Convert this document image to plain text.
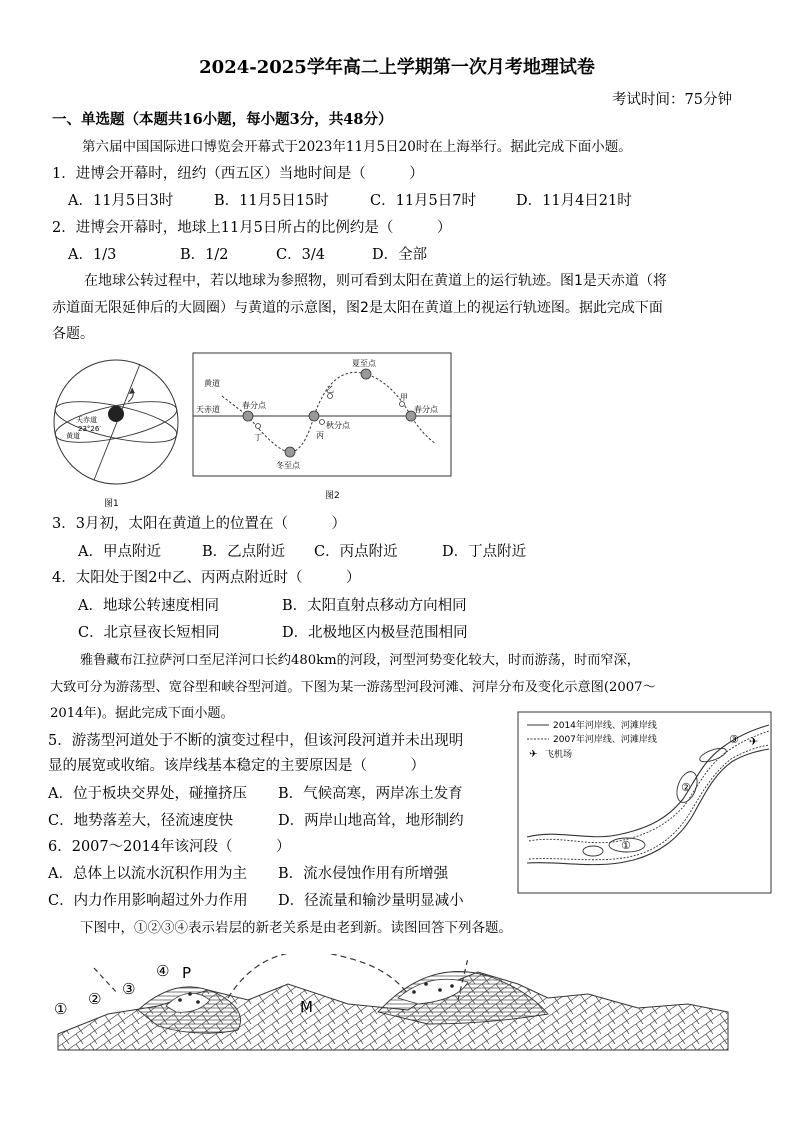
2024-2025学年高二上学期第一次月考地理试卷
考试时间：75分钟
一、单选题（本题共16小题，每小题3分，共48分）
第六届中国国际进口博览会开幕式于2023年11月5日20时在上海举行。据此完成下面小题。
1．进博会开幕时，纽约（西五区）当地时间是（　　　）
A．11月5日3时	B．11月5日15时	C．11月5日7时	D．11月4日21时
2．进博会开幕时，地球上11月5日所占的比例约是（　　　）
A．1/3	B．1/2	C．3/4	D．全部
在地球公转过程中，若以地球为参照物，则可看到太阳在黄道上的运行轨迹。图1是天赤道（将
赤道面无限延伸后的大圆圈）与黄道的示意图，图2是太阳在黄道上的视运行轨迹图。据此完成下面
各题。
天赤道
23°26′
黄道
图1
黄道
天赤道	春分点
夏至点
秋分点
冬至点
春分点
甲
乙
丙
丁
图2
3．3月初，太阳在黄道上的位置在（　　　）
A．甲点附近	B．乙点附近 C．丙点附近	D．丁点附近
4．太阳处于图2中乙、丙两点附近时（　　　）
A．地球公转速度相同	B．太阳直射点移动方向相同
C．北京昼夜长短相同	D．北极地区内极昼范围相同
雅鲁藏布江拉萨河口至尼洋河口长约480km的河段，河型河势变化较大，时而游荡，时而窄深，
大致可分为游荡型、宽谷型和峡谷型河道。下图为某一游荡型河段河滩、河岸分布及变化示意图(2007～
2014年)。据此完成下面小题。
5．游荡型河道处于不断的演变过程中，但该河段河道并未出现明
显的展宽或收缩。该岸线基本稳定的主要原因是（　　　）
A．位于板块交界处，碰撞挤压 B．气候高寒，两岸冻土发育
C．地势落差大，径流速度快	D．两岸山地高耸，地形制约
6．2007～2014年该河段（　　　）
A．总体上以流水沉积作用为主 B．流水侵蚀作用有所增强
C．内力作用影响超过外力作用 D．径流量和输沙量明显减小
2014年河岸线、河滩岸线
2007年河岸线、河滩岸线
✈ 飞机场
①
②
③ ✈
下图中，①②③④表示岩层的新老关系是由老到新。读图回答下列各题。
①
②
③
④ P
M
